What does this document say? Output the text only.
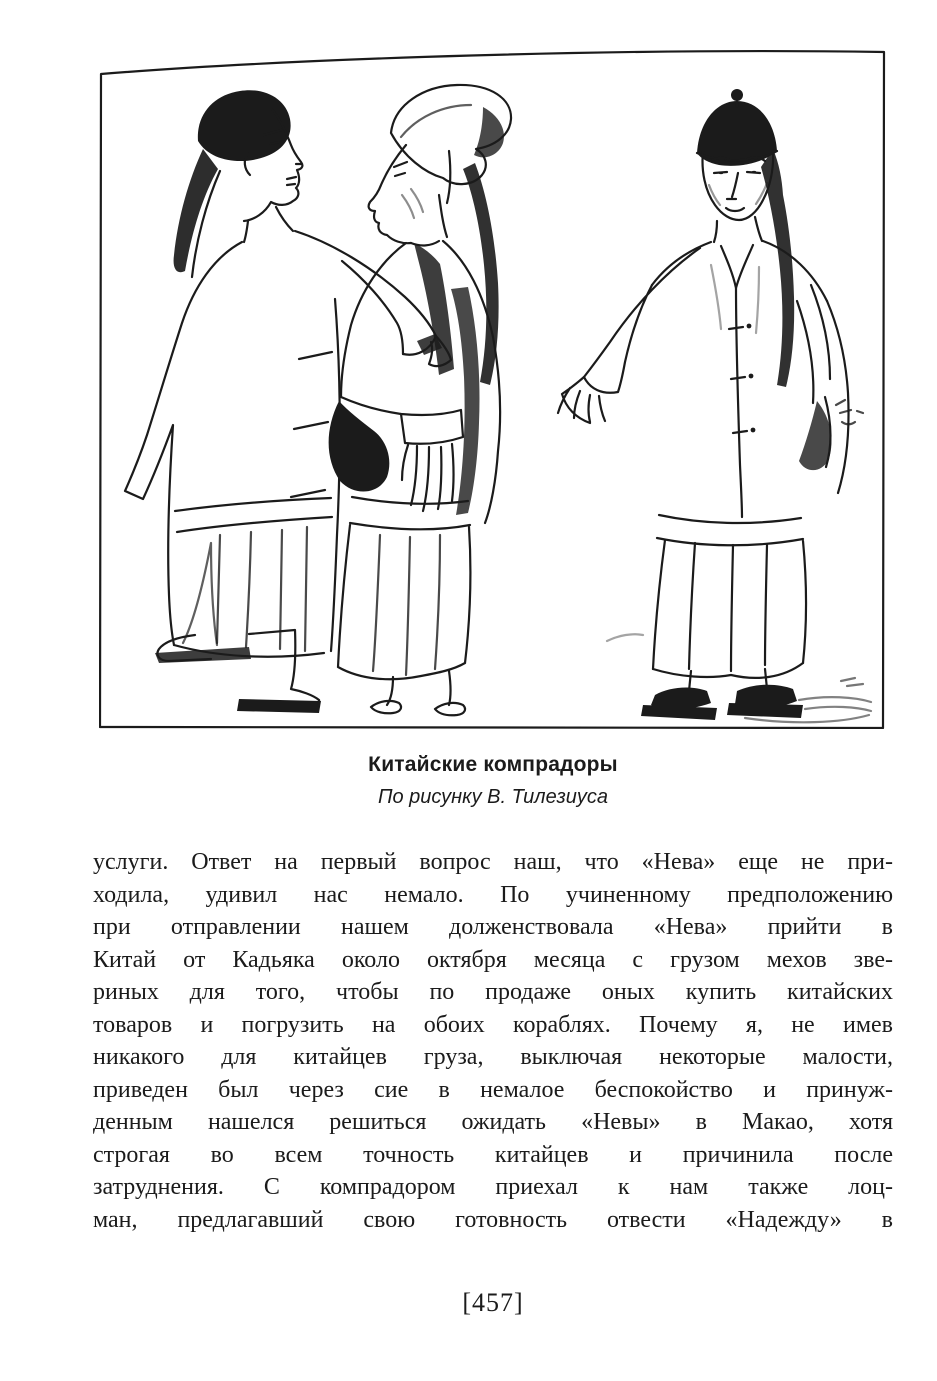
Китайские компрадоры
По рисунку В. Тилезиуса
услуги. Ответ на первый вопрос наш, что «Нева» еще не при-
ходила, удивил нас немало. По учиненному предположению
при отправлении нашем долженствовала «Нева» прийти в
Китай от Кадьяка около октября месяца с грузом мехов зве-
риных для того, чтобы по продаже оных купить китайских
товаров и погрузить на обоих кораблях. Почему я, не имев
никакого для китайцев груза, выключая некоторые малости,
приведен был через сие в немалое беспокойство и принуж-
денным нашелся решиться ожидать «Невы» в Макао, хотя
строгая во всем точность китайцев и причинила после
затруднения. С компрадором приехал к нам также лоц-
ман, предлагавший свою готовность отвести «Надежду» в
[457]
